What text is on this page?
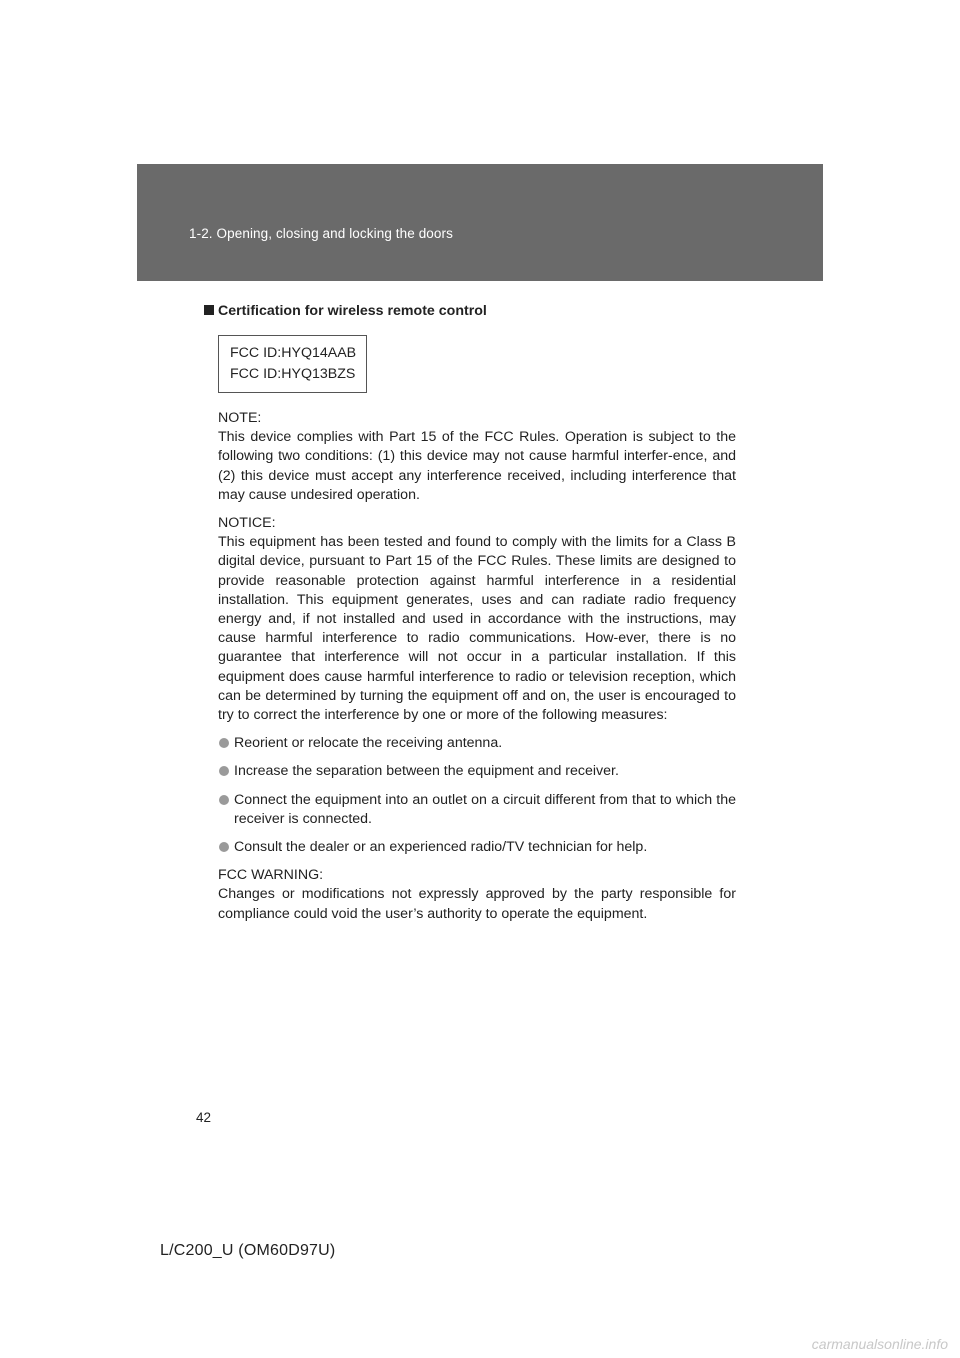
1-2. Opening, closing and locking the doors
Certification for wireless remote control
FCC ID:HYQ14AAB
FCC ID:HYQ13BZS
NOTE:
This device complies with Part 15 of the FCC Rules. Operation is subject to the following two conditions: (1) this device may not cause harmful interfer-ence, and (2) this device must accept any interference received, including interference that may cause undesired operation.
NOTICE:
This equipment has been tested and found to comply with the limits for a Class B digital device, pursuant to Part 15 of the FCC Rules. These limits are designed to provide reasonable protection against harmful interference in a residential installation. This equipment generates, uses and can radiate radio frequency energy and, if not installed and used in accordance with the instructions, may cause harmful interference to radio communications. How-ever, there is no guarantee that interference will not occur in a particular installation. If this equipment does cause harmful interference to radio or television reception, which can be determined by turning the equipment off and on, the user is encouraged to try to correct the interference by one or more of the following measures:
Reorient or relocate the receiving antenna.
Increase the separation between the equipment and receiver.
Connect the equipment into an outlet on a circuit different from that to which the receiver is connected.
Consult the dealer or an experienced radio/TV technician for help.
FCC WARNING:
Changes or modifications not expressly approved by the party responsible for compliance could void the user’s authority to operate the equipment.
42
L/C200_U (OM60D97U)
carmanualsonline.info
